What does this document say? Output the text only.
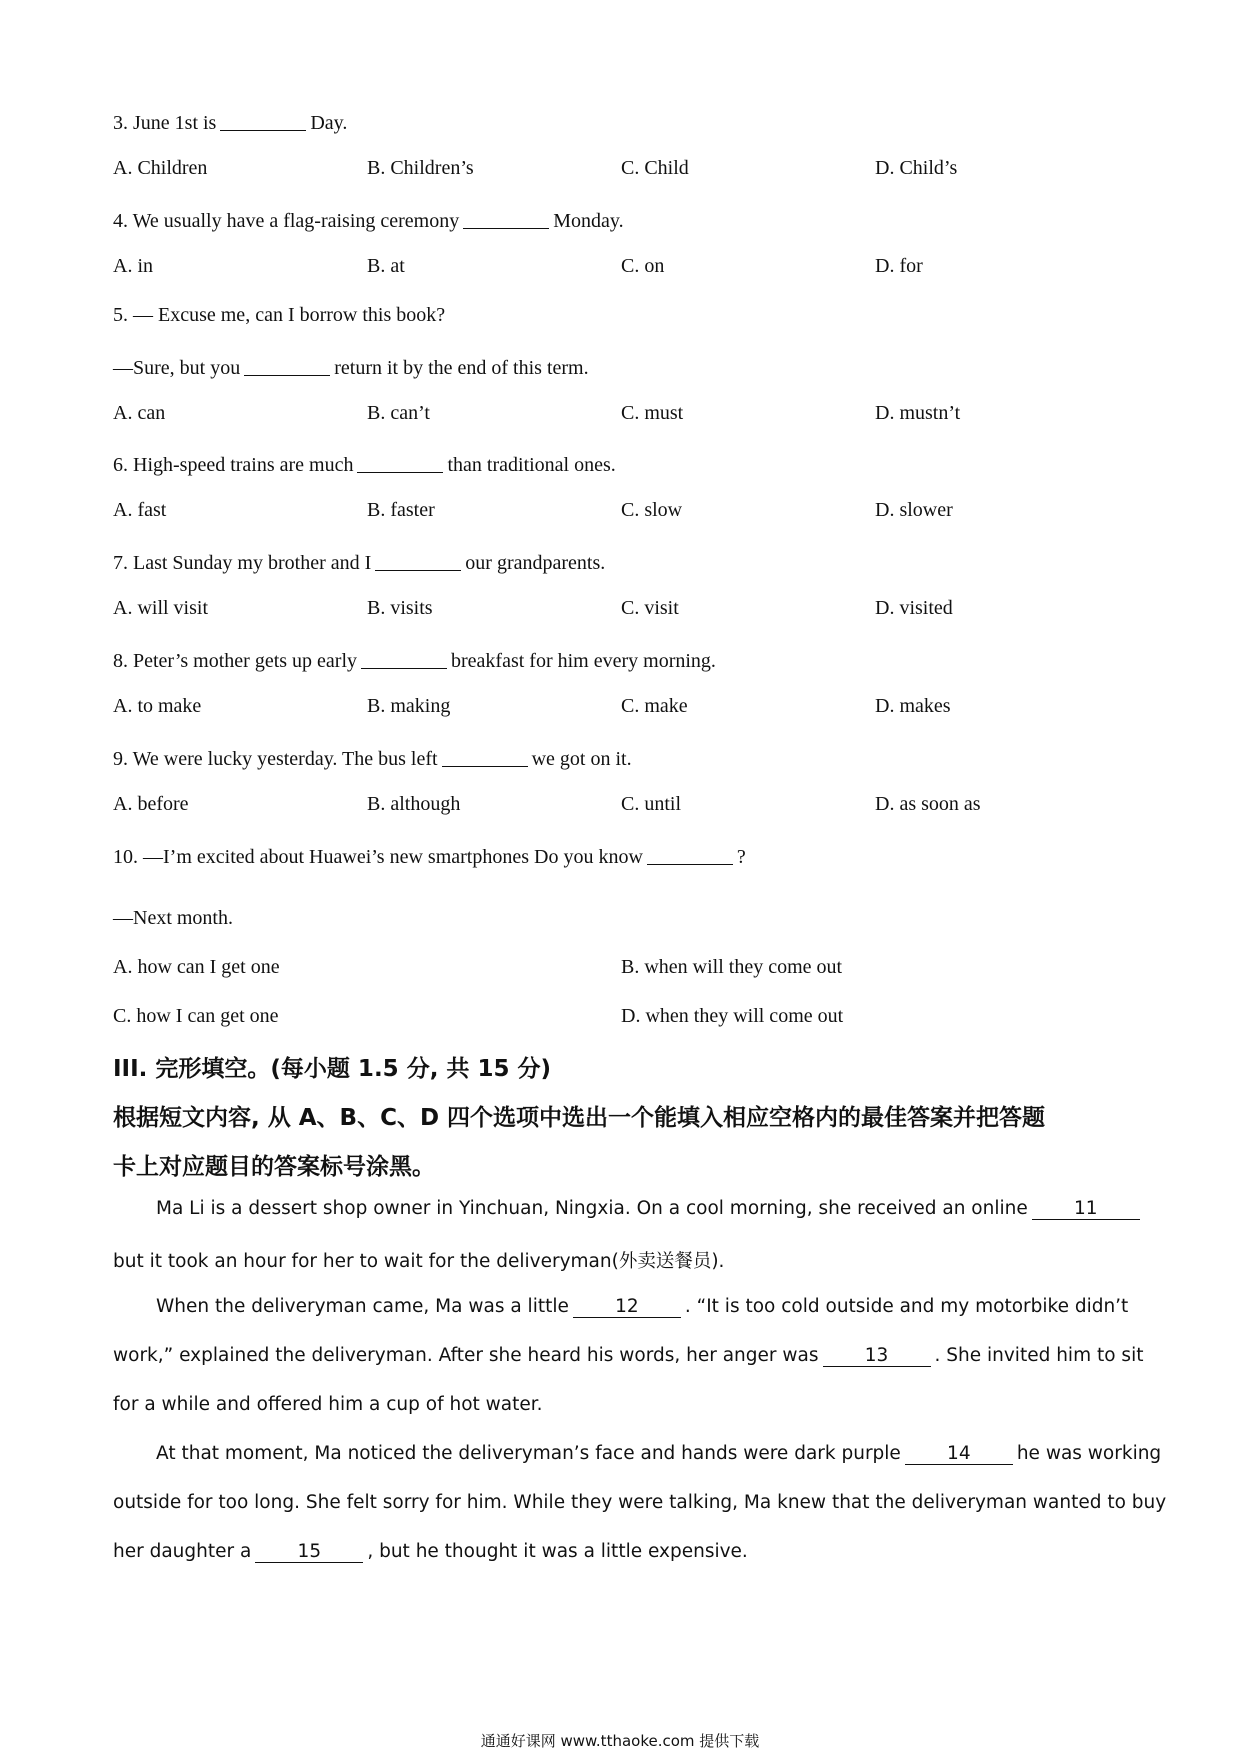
3. June 1st is	Day.
A. Children	B. Children’s	C. Child	D. Child’s
4. We usually have a flag-raising ceremony	Monday.
A. in	B. at	C. on	D. for
5. — Excuse me, can I borrow this book?
—Sure, but you	return it by the end of this term.
A. can	B. can’t	C. must	D. mustn’t
6. High-speed trains are much	than traditional ones.
A. fast	B. faster	C. slow	D. slower
7. Last Sunday my brother and I	our grandparents.
A. will visit	B. visits	C. visit	D. visited
8. Peter’s mother gets up early	breakfast for him every morning.
A. to make	B. making	C. make	D. makes
9. We were lucky yesterday. The bus left	we got on it.
A. before	B. although	C. until	D. as soon as
10. —I’m excited about Huawei’s new smartphones Do you know	?
—Next month.
A. how can I get one	B. when will they come out
C. how I can get one	D. when they will come out
III. 完形填空。(每小题 1.5 分, 共 15 分)
根据短文内容, 从 A、B、C、D 四个选项中选出一个能填入相应空格内的最佳答案并把答题
卡上对应题目的答案标号涂黑。
Ma Li is a dessert shop owner in Yinchuan, Ningxia. On a cool morning, she received an online 11
but it took an hour for her to wait for the deliveryman(外卖送餐员).
When the deliveryman came, Ma was a little 12 . “It is too cold outside and my motorbike didn’t
work,” explained the deliveryman. After she heard his words, her anger was 13 . She invited him to sit
for a while and offered him a cup of hot water.
At that moment, Ma noticed the deliveryman’s face and hands were dark purple 14 he was working
outside for too long. She felt sorry for him. While they were talking, Ma knew that the deliveryman wanted to buy
her daughter a 15 , but he thought it was a little expensive.
通通好课网 www.tthaoke.com 提供下载
